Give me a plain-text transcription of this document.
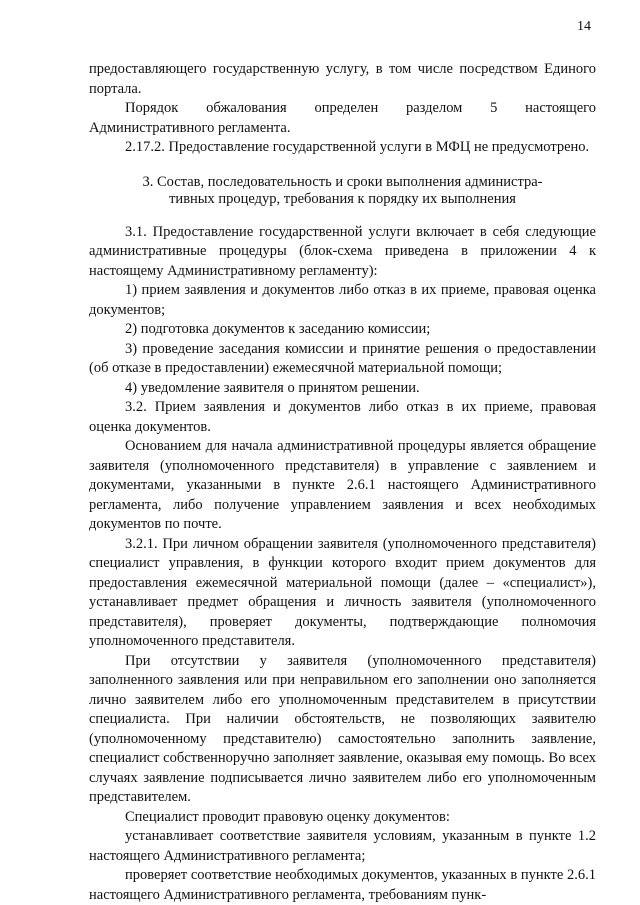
14

предоставляющего государственную услугу, в том числе посредством Единого портала.

Порядок обжалования определен разделом 5 настоящего Административного регламента.

2.17.2. Предоставление государственной услуги в МФЦ не предусмотрено.

3. Состав, последовательность и сроки выполнения администра-
тивных процедур, требования к порядку их выполнения

3.1. Предоставление государственной услуги включает в себя следующие административные процедуры (блок-схема приведена в приложении 4 к настоящему Административному регламенту):

1) прием заявления и документов либо отказ в их приеме, правовая оценка документов;

2) подготовка документов к заседанию комиссии;

3) проведение заседания комиссии и принятие решения о предоставлении (об отказе в предоставлении) ежемесячной материальной помощи;

4) уведомление заявителя о принятом решении.

3.2. Прием заявления и документов либо отказ в их приеме, правовая оценка документов.

Основанием для начала административной процедуры является обращение заявителя (уполномоченного представителя) в управление с заявлением и документами, указанными в пункте 2.6.1 настоящего Административного регламента, либо получение управлением заявления и всех необходимых документов по почте.

3.2.1. При личном обращении заявителя (уполномоченного представителя) специалист управления, в функции которого входит прием документов для предоставления ежемесячной материальной помощи (далее – «специалист»), устанавливает предмет обращения и личность заявителя (уполномоченного представителя), проверяет документы, подтверждающие полномочия уполномоченного представителя.

При отсутствии у заявителя (уполномоченного представителя) заполненного заявления или при неправильном его заполнении оно заполняется лично заявителем либо его уполномоченным представителем в присутствии специалиста. При наличии обстоятельств, не позволяющих заявителю (уполномоченному представителю) самостоятельно заполнить заявление, специалист собственноручно заполняет заявление, оказывая ему помощь. Во всех случаях заявление подписывается лично заявителем либо его уполномоченным представителем.

Специалист проводит правовую оценку документов:

устанавливает соответствие заявителя условиям, указанным в пункте 1.2 настоящего Административного регламента;

проверяет соответствие необходимых документов, указанных в пункте 2.6.1 настоящего Административного регламента, требованиям пунк-
